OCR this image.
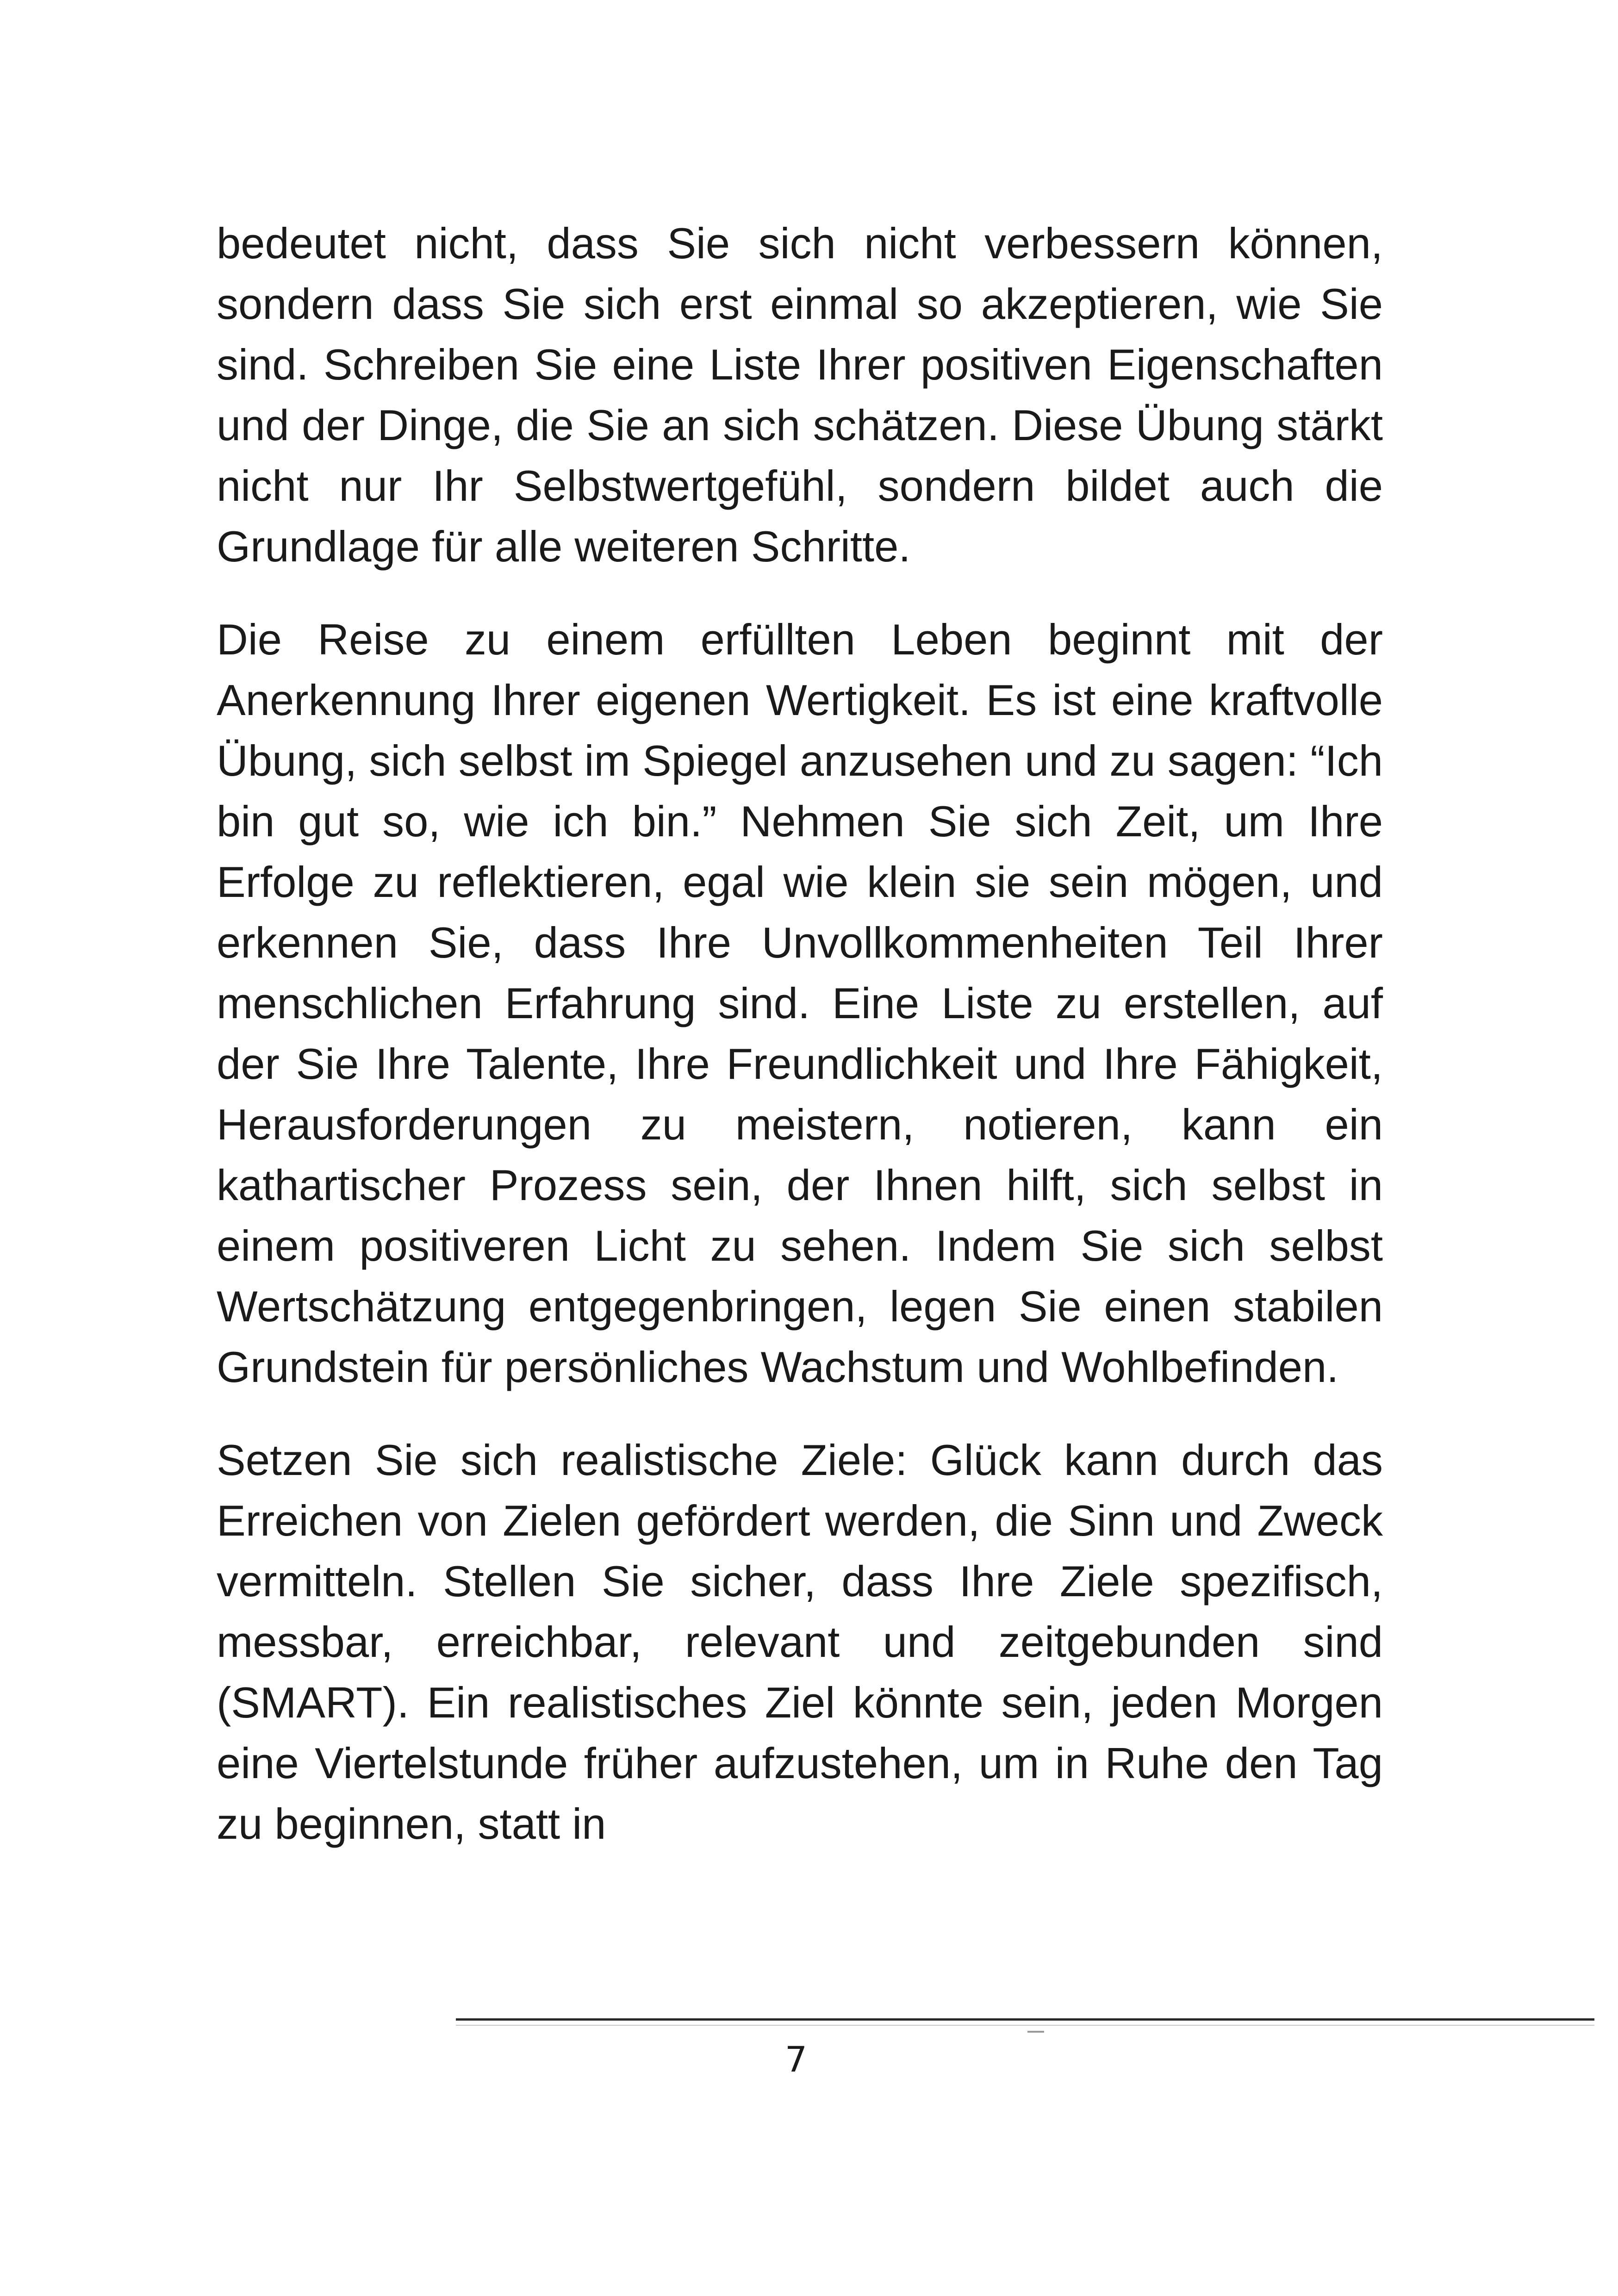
bedeutet nicht, dass Sie sich nicht verbessern können, sondern dass Sie sich erst einmal so akzeptieren, wie Sie sind. Schreiben Sie eine Liste Ihrer positiven Eigenschaften und der Dinge, die Sie an sich schätzen. Diese Übung stärkt nicht nur Ihr Selbstwertgefühl, sondern bildet auch die Grundlage für alle weiteren Schritte.

Die Reise zu einem erfüllten Leben beginnt mit der Anerkennung Ihrer eigenen Wertigkeit. Es ist eine kraftvolle Übung, sich selbst im Spiegel anzusehen und zu sagen: “Ich bin gut so, wie ich bin.” Nehmen Sie sich Zeit, um Ihre Erfolge zu reflektieren, egal wie klein sie sein mögen, und erkennen Sie, dass Ihre Unvollkommenheiten Teil Ihrer menschlichen Erfahrung sind. Eine Liste zu erstellen, auf der Sie Ihre Talente, Ihre Freundlichkeit und Ihre Fähigkeit, Herausforderungen zu meistern, notieren, kann ein kathartischer Prozess sein, der Ihnen hilft, sich selbst in einem positiveren Licht zu sehen. Indem Sie sich selbst Wertschätzung entgegenbringen, legen Sie einen stabilen Grundstein für persönliches Wachstum und Wohlbefinden.

Setzen Sie sich realistische Ziele: Glück kann durch das Erreichen von Zielen gefördert werden, die Sinn und Zweck vermitteln. Stellen Sie sicher, dass Ihre Ziele spezifisch, messbar, erreichbar, relevant und zeitgebunden sind (SMART). Ein realistisches Ziel könnte sein, jeden Morgen eine Viertelstunde früher aufzustehen, um in Ruhe den Tag zu beginnen, statt in

7
